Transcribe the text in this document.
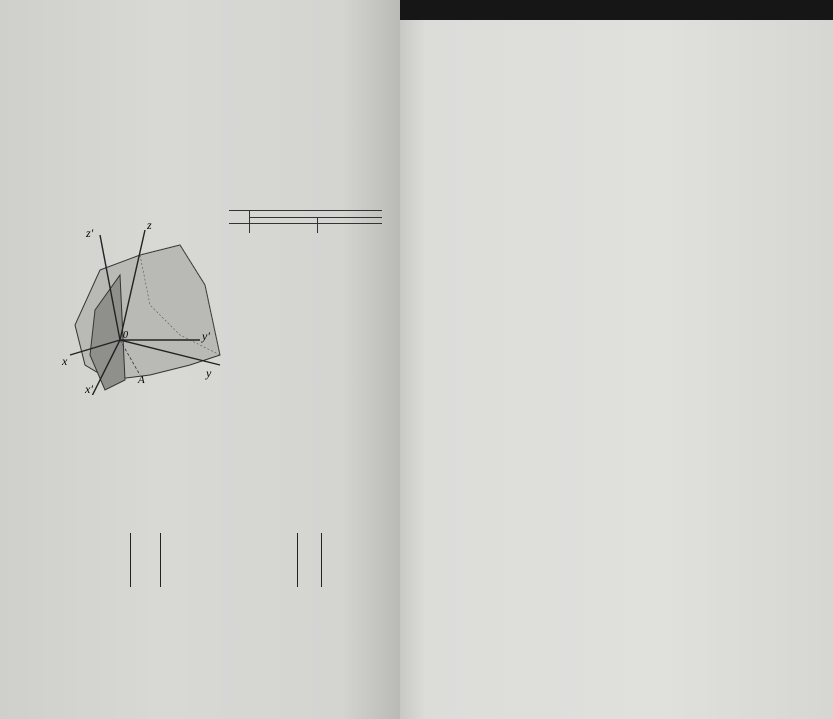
z
z′
x
x′
y
y′
0
A
